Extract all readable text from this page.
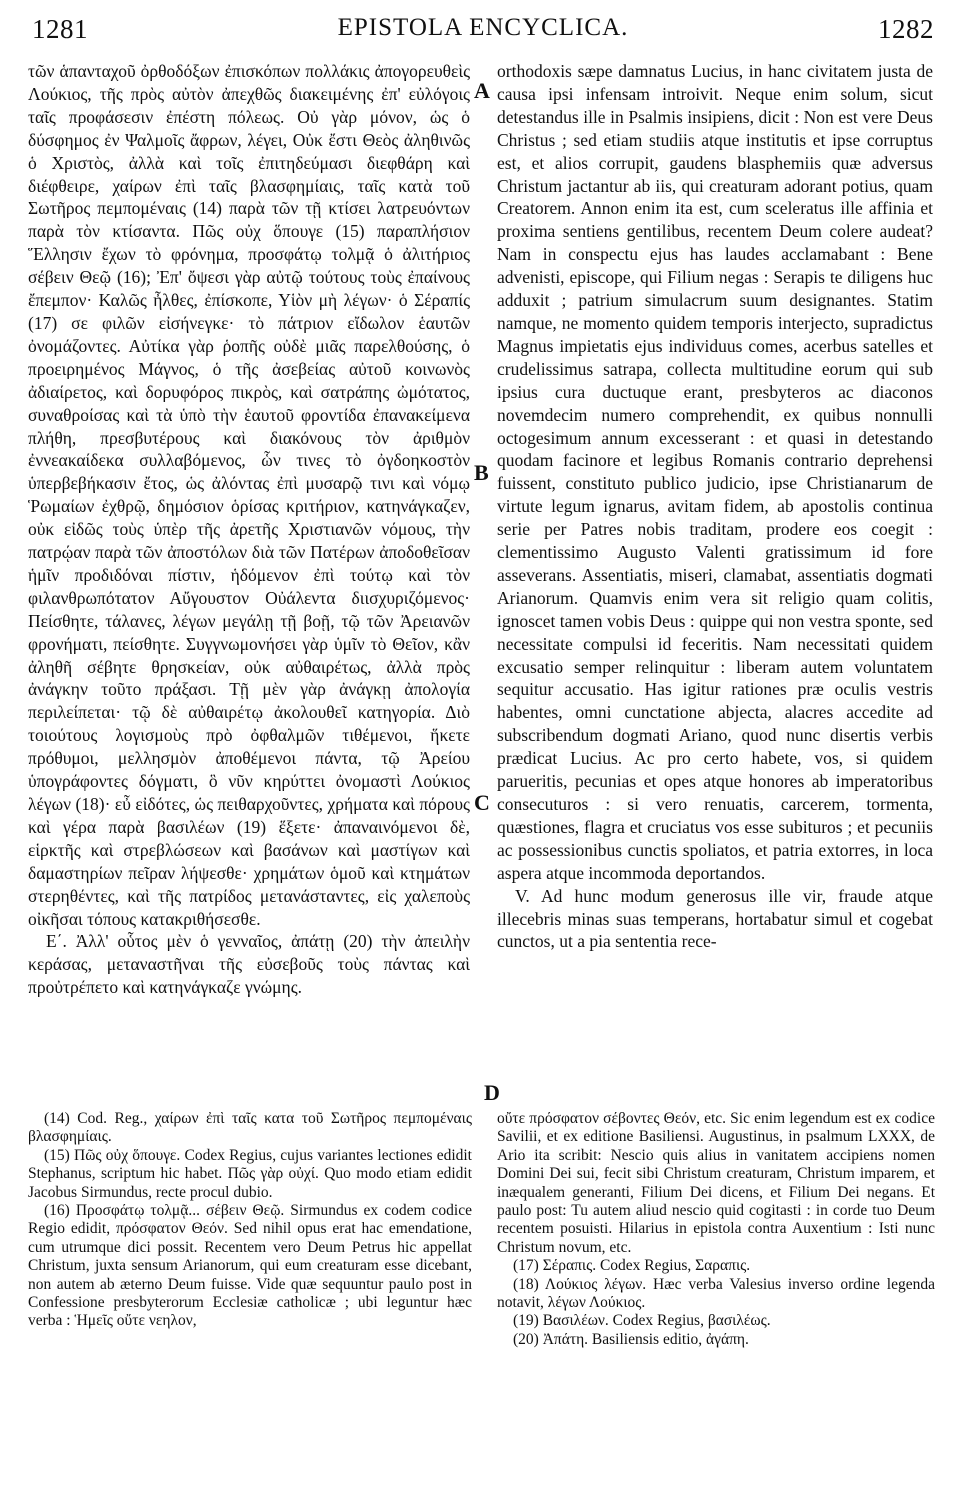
1281	EPISTOLA ENCYCLICA.	1282

τῶν ἁπανταχοῦ ὀρθοδόξων ἐπισκόπων πολλάκις ἀπογορευθεὶς Λούκιος, τῆς πρὸς αὐτὸν ἀπεχθῶς διακειμένης ἐπ' εὐλόγοις ταῖς προφάσεσιν ἐπέστη πόλεως. Οὐ γὰρ μόνον, ὡς ὁ δύσφημος ἐν Ψαλμοῖς ἄφρων, λέγει, Οὐκ ἔστι Θεὸς ἀληθινῶς ὁ Χριστὸς, ἀλλὰ καὶ τοῖς ἐπιτηδεύμασι διεφθάρη καὶ διέφθειρε, χαίρων ἐπὶ ταῖς βλασφημίαις, ταῖς κατὰ τοῦ Σωτῆρος πεμπομέναις (14) παρὰ τῶν τῇ κτίσει λατρευόντων παρὰ τὸν κτίσαντα. Πῶς οὐχ ὅπουγε (15) παραπλήσιον Ἕλλησιν ἔχων τὸ φρόνημα, προσφάτῳ τολμᾷ ὁ ἀλιτήριος σέβειν Θεῷ (16); Ἐπ' ὄψεσι γὰρ αὐτῷ τούτους τοὺς ἐπαίνους ἔπεμπον· Καλῶς ἦλθες, ἐπίσκοπε, Υἱὸν μὴ λέγων· ὁ Σέραπίς (17) σε φιλῶν εἰσήνεγκε· τὸ πάτριον εἴδωλον ἑαυτῶν ὀνομάζοντες. Αὐτίκα γὰρ ῥοπῆς οὐδὲ μιᾶς παρελθούσης, ὁ προειρημένος Μάγνος, ὁ τῆς ἀσεβείας αὐτοῦ κοινωνὸς ἀδιαίρετος, καὶ δορυφόρος πικρὸς, καὶ σατράπης ὠμότατος, συναθροίσας καὶ τὰ ὑπὸ τὴν ἑαυτοῦ φροντίδα ἐπανακείμενα πλήθη, πρεσβυτέρους καὶ διακόνους τὸν ἀριθμὸν ἐννεακαίδεκα συλλαβόμενος, ὧν τινες τὸ ὀγδοηκοστὸν ὑπερβεβήκασιν ἔτος, ὡς ἀλόντας ἐπὶ μυσαρῷ τινι καὶ νόμῳ Ῥωμαίων ἐχθρῷ, δημόσιον ὁρίσας κριτήριον, κατηνάγκαζεν, οὐκ εἰδῶς τοὺς ὑπὲρ τῆς ἀρετῆς Χριστιανῶν νόμους, τὴν πατρῴαν παρὰ τῶν ἀποστόλων διὰ τῶν Πατέρων ἀποδοθεῖσαν ἡμῖν προδιδόναι πίστιν, ἡδόμενον ἐπὶ τούτῳ καὶ τὸν φιλανθρωπότατον Αὔγουστον Οὐάλεντα διισχυριζόμενος· Πείσθητε, τάλανες, λέγων μεγάλῃ τῇ βοῇ, τῷ τῶν Ἀρειανῶν φρονήματι, πείσθητε. Συγγνωμονήσει γὰρ ὑμῖν τὸ Θεῖον, κἂν ἀληθῆ σέβητε θρησκείαν, οὐκ αὐθαιρέτως, ἀλλὰ πρὸς ἀνάγκην τοῦτο πράξασι. Τῇ μὲν γὰρ ἀνάγκῃ ἀπολογία περιλείπεται· τῷ δὲ αὐθαιρέτῳ ἀκολουθεῖ κατηγορία. Διὸ τοιούτους λογισμοὺς πρὸ ὀφθαλμῶν τιθέμενοι, ἥκετε πρόθυμοι, μελλησμὸν ἀποθέμενοι πάντα, τῷ Ἀρείου ὑπογράφοντες δόγματι, ὃ νῦν κηρύττει ὀνομαστὶ Λούκιος λέγων (18)· εὖ εἰδότες, ὡς πειθαρχοῦντες, χρήματα καὶ πόρους καὶ γέρα παρὰ βασιλέων (19) ἕξετε· ἀπαναινόμενοι δὲ, εἱρκτῆς καὶ στρεβλώσεων καὶ βασάνων καὶ μαστίγων καὶ δαμαστηρίων πεῖραν λήψεσθε· χρημάτων ὁμοῦ καὶ κτημάτων στερηθέντες, καὶ τῆς πατρίδος μετανάσταντες, εἰς χαλεποὺς οἰκῆσαι τόπους κατακριθήσεσθε.

Ε΄. Ἀλλ' οὗτος μὲν ὁ γενναῖος, ἀπάτῃ (20) τὴν ἀπειλὴν κεράσας, μεταναστῆναι τῆς εὐσεβοῦς τοὺς πάντας καὶ προὐτρέπετο καὶ κατηνάγκαζε γνώμης.

A
B
C
D

orthodoxis sæpe damnatus Lucius, in hanc civitatem justa de causa ipsi infensam introivit. Neque enim solum, sicut detestandus ille in Psalmis insipiens, dicit : Non est vere Deus Christus ; sed etiam studiis atque institutis et ipse corruptus est, et alios corrupit, gaudens blasphemiis quæ adversus Christum jactantur ab iis, qui creaturam adorant potius, quam Creatorem. Annon enim ita est, cum sceleratus ille affinia et proxima sentiens gentilibus, recentem Deum colere audeat? Nam in conspectu ejus has laudes acclamabant : Bene advenisti, episcope, qui Filium negas : Serapis te diligens huc adduxit ; patrium simulacrum suum designantes. Statim namque, ne momento quidem temporis interjecto, supradictus Magnus impietatis ejus individuus comes, acerbus satelles et crudelissimus satrapa, collecta multitudine eorum qui sub ipsius cura ductuque erant, presbyteros ac diaconos novemdecim numero comprehendit, ex quibus nonnulli octogesimum annum excesserant : et quasi in detestando quodam facinore et legibus Romanis contrario deprehensi fuissent, constituto publico judicio, ipse Christianarum de virtute legum ignarus, avitam fidem, ab apostolis continua serie per Patres nobis traditam, prodere eos coegit : clementissimo Augusto Valenti gratissimum id fore asseverans. Assentiatis, miseri, clamabat, assentiatis dogmati Arianorum. Quamvis enim vera sit religio quam colitis, ignoscet tamen vobis Deus : quippe qui non vestra sponte, sed necessitate compulsi id feceritis. Nam necessitati quidem excusatio semper relinquitur : liberam autem voluntatem sequitur accusatio. Has igitur rationes præ oculis vestris habentes, omni cunctatione abjecta, alacres accedite ad subscribendum dogmati Ariano, quod nunc disertis verbis prædicat Lucius. Ac pro certo habete, vos, si quidem parueritis, pecunias et opes atque honores ab imperatoribus consecuturos : si vero renuatis, carcerem, tormenta, quæstiones, flagra et cruciatus vos esse subituros ; et pecuniis ac possessionibus cunctis spoliatos, et patria extorres, in loca aspera atque incommoda deportandos.

V. Ad hunc modum generosus ille vir, fraude atque illecebris minas suas temperans, hortabatur simul et cogebat cunctos, ut a pia sententia rece-

(14) Cod. Reg., χαίρων ἐπὶ ταῖς κατα τοῦ Σωτῆρος πεμπομέναις βλασφημίαις.

(15) Πῶς οὐχ ὅπουγε. Codex Regius, cujus variantes lectiones edidit Stephanus, scriptum hic habet. Πῶς γὰρ οὐχί. Quo modo etiam edidit Jacobus Sirmundus, recte procul dubio.

(16) Προσφάτῳ τολμᾷ... σέβειν Θεῷ. Sirmundus ex codem codice Regio edidit, πρόσφατον Θεόν. Sed nihil opus erat hac emendatione, cum utrumque dici possit. Recentem vero Deum Petrus hic appellat Christum, juxta sensum Arianorum, qui eum creaturam esse dicebant, non autem ab æterno Deum fuisse. Vide quæ sequuntur paulo post in Confessione presbyterorum Ecclesiæ catholicæ ; ubi leguntur hæc verba : Ἡμεῖς οὔτε νεηλον,

οὔτε πρόσφατον σέβοντες Θεόν, etc. Sic enim legendum est ex codice Savilii, et ex editione Basiliensi. Augustinus, in psalmum LXXX, de Ario ita scribit: Nescio quis alius in vanitatem accipiens nomen Domini Dei sui, fecit sibi Christum creaturam, Christum imparem, et inæqualem generanti, Filium Dei dicens, et Filium Dei negans. Et paulo post: Tu autem aliud nescio quid cogitasti : in corde tuo Deum recentem posuisti. Hilarius in epistola contra Auxentium : Isti nunc Christum novum, etc.

(17) Σέραπις. Codex Regius, Σαραπις.

(18) Λούκιος λέγων. Hæc verba Valesius inverso ordine legenda notavit, λέγων Λούκιος.

(19) Βασιλέων. Codex Regius, βασιλέως.

(20) Ἀπάτη. Basiliensis editio, ἀγάπη.
